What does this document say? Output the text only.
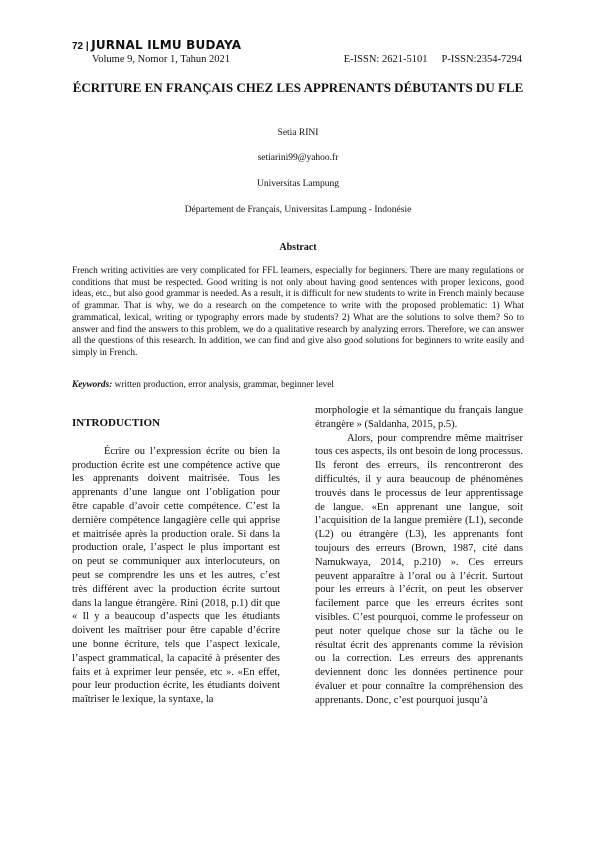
72 | JURNAL ILMU BUDAYA
Volume 9, Nomor 1, Tahun 2021	E-ISSN: 2621-5101 P-ISSN:2354-7294
ÉCRITURE EN FRANÇAIS CHEZ LES APPRENANTS DÉBUTANTS DU FLE
Setia RINI
setiarini99@yahoo.fr
Universitas Lampung
Département de Français, Universitas Lampung - Indonésie
Abstract
French writing activities are very complicated for FFL learners, especially for beginners. There are many regulations or conditions that must be respected. Good writing is not only about having good sentences with proper lexicons, good ideas, etc., but also good grammar is needed. As a result, it is difficult for new students to write in French mainly because of grammar. That is why, we do a research on the competence to write with the proposed problematic: 1) What grammatical, lexical, writing or typography errors made by students? 2) What are the solutions to solve them? So to answer and find the answers to this problem, we do a qualitative research by analyzing errors. Therefore, we can answer all the questions of this research. In addition, we can find and give also good solutions for beginners to write easily and simply in French.
Keywords: written production, error analysis, grammar, beginner level
INTRODUCTION

Écrire ou l’expression écrite ou bien la production écrite est une compétence active que les apprenants doivent maitrisée. Tous les apprenants d’une langue ont l’obligation pour être capable d’avoir cette compétence. C’est la dernière compétence langagière celle qui apprise et maitrisée après la production orale. Si dans la production orale, l’aspect le plus important est on peut se communiquer aux interlocuteurs, on peut se comprendre les uns et les autres, c’est très différent avec la production écrite surtout dans la langue étrangère. Rini (2018, p.1) dit que « Il y a beaucoup d’aspects que les étudiants doivent les maîtriser pour être capable d’écrire une bonne écriture, tels que l’aspect lexicale, l’aspect grammatical, la capacité à présenter des faits et à exprimer leur pensée, etc ». «En effet, pour leur production écrite, les étudiants doivent maîtriser le lexique, la syntaxe, la

morphologie et la sémantique du français langue étrangère » (Saldanha, 2015, p.5).

Alors, pour comprendre même maitriser tous ces aspects, ils ont besoin de long processus. Ils feront des erreurs, ils rencontreront des difficultés, il y aura beaucoup de phénomènes trouvés dans le processus de leur apprentissage de langue. «En apprenant une langue, soit l’acquisition de la langue première (L1), seconde (L2) ou étrangère (L3), les apprenants font toujours des erreurs (Brown, 1987, cité dans Namukwaya, 2014, p.210) ». Ces erreurs peuvent apparaître à l’oral ou à l’écrit. Surtout pour les erreurs à l’écrit, on peut les observer facilement parce que les erreurs écrites sont visibles. C’est pourquoi, comme le professeur on peut noter quelque chose sur la tâche ou le résultat écrit des apprenants comme la révision ou la correction. Les erreurs des apprenants deviennent donc les données pertinence pour évaluer et pour connaître la compréhension des apprenants. Donc, c’est pourquoi jusqu’à
